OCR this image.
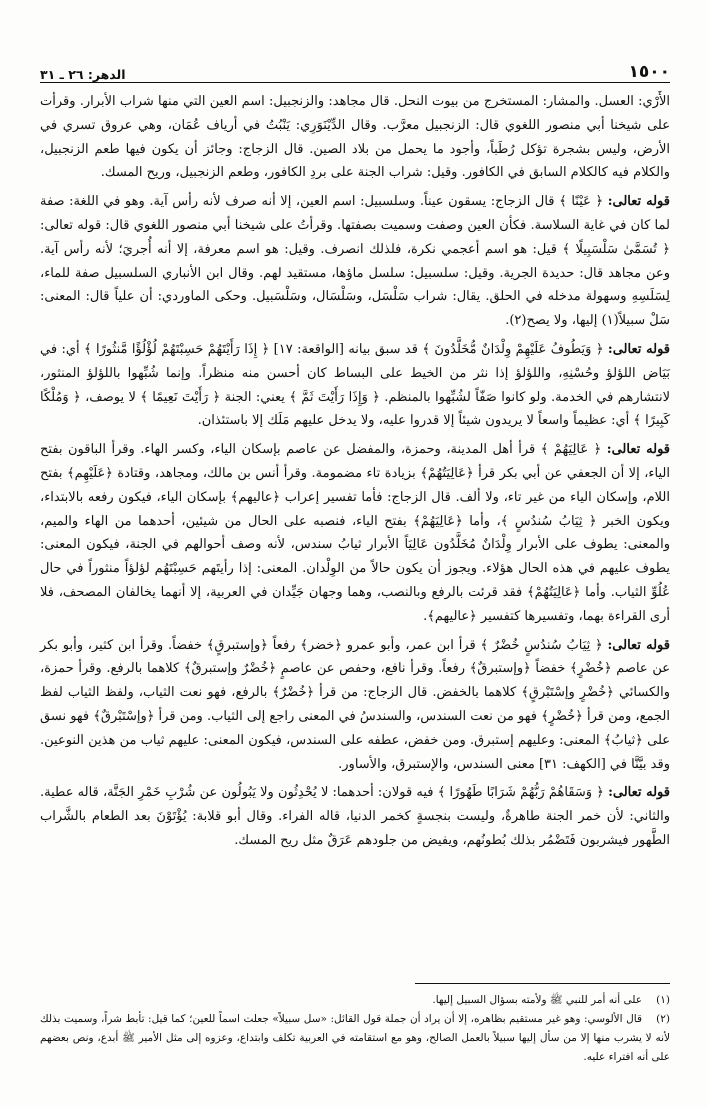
١٥٠٠
الدهر: ٢٦ ـ ٣١

الأَرْي: العسل. والمشار: المستخرج من بيوت النحل. قال مجاهد: والزنجبيل: اسم العين التي منها شراب الأبرار. وقرأت على شيخنا أبي منصور اللغوي قال: الزنجبيل معرَّب. وقال الدِّيْنَوَرِي: يَنْبُتُ في أرياف عُمَان، وهي عروق تسري في الأرض، وليس بشجرة تؤكل رُطَباً، وأجود ما يحمل من بلاد الصين. قال الزجاج: وجائز أن يكون فيها طعم الزنجبيل، والكلام فيه كالكلام السابق في الكافور. وقيل: شراب الجنة على بردِ الكافور، وطعم الزنجبيل، وريح المسك.

قوله تعالى: ﴿ عَيْنًا ﴾ قال الزجاج: يسقون عيناً. وسلسبيل: اسم العين، إلا أنه صرف لأنه رأس آية. وهو في اللغة: صفة لما كان في غاية السلاسة. فكأن العين وصفت وسميت بصفتها. وقرأتُ على شيخنا أبي منصور اللغوي قال: قوله تعالى: ﴿ تُسَمَّىٰ سَلْسَبِيلًا ﴾ قيل: هو اسم أعجمي نكرة، فلذلك انصرف. وقيل: هو اسم معرفة، إلا أنه أُجريَ؛ لأنه رأس آية. وعن مجاهد قال: حديدة الجرية. وقيل: سلسبيل: سلسل ماؤها، مستقيد لهم. وقال ابن الأنباري السلسبيل صفة للماء، لِسَلَسِهِ وسهولة مدخله في الحلق. يقال: شراب سَلْسَل، وسَلْسَال، وسَلْسَبيل. وحكى الماوردي: أن علياً قال: المعنى: سَلْ سبيلاً(١) إليها، ولا يصح(٢).

قوله تعالى: ﴿ وَيَطُوفُ عَلَيْهِمْ وِلْدَانٌ مُّخَلَّدُونَ ﴾ قد سبق بيانه [الواقعة: ١٧] ﴿ إِذَا رَأَيْتَهُمْ حَسِبْتَهُمْ لُؤْلُؤًا مَّنثُورًا ﴾ أي: في بَيَاض اللؤلؤ وحُسْنِهِ، واللؤلؤ إذا نثر من الخيط على البساط كان أحسن منه منظراً. وإنما شُبِّهوا باللؤلؤ المنثور، لانتشارهم في الخدمة. ولو كانوا صَفّاً لشُبِّهوا بالمنظم. ﴿ وَإِذَا رَأَيْتَ ثَمَّ ﴾ يعني: الجنة ﴿ رَأَيْتَ نَعِيمًا ﴾ لا يوصف، ﴿ وَمُلْكًا كَبِيرًا ﴾ أي: عظيماً واسعاً لا يريدون شيئاً إلا قدروا عليه، ولا يدخل عليهم مَلَك إلا باستئذان.

قوله تعالى: ﴿ عَالِيَهُمْ ﴾ قرأ أهل المدينة، وحمزة، والمفضل عن عاصم بإسكان الياء، وكسر الهاء. وقرأ الباقون بفتح الياء، إلا أن الجعفي عن أبي بكر قرأ ﴿عَالِيَتُهُمْ﴾ بزيادة تاء مضمومة. وقرأ أنس بن مالك، ومجاهد، وقتادة ﴿عَلَيْهِم﴾ بفتح اللام، وإسكان الياء من غير تاء، ولا ألف. قال الزجاج: فأما تفسير إعراب ﴿عاليهم﴾ بإسكان الياء، فيكون رفعه بالابتداء، ويكون الخبر ﴿ ثِيَابُ سُندُسٍ ﴾، وأما ﴿عَالِيَهُمْ﴾ بفتح الياء، فنصبه على الحال من شيئين، أحدهما من الهاء والميم، والمعنى: يطوف على الأبرار وِلْدَانٌ مُخَلَّدُون عَالِيَاً الأبرار ثيابُ سندس، لأنه وصف أحوالهم في الجنة، فيكون المعنى: يطوف عليهم في هذه الحال هؤلاء. ويجوز أن يكون حالاً من الوِلْدان. المعنى: إذا رأيتَهم حَسِبْتَهُم لؤلؤاً منثوراً في حال عُلُوِّ الثياب. وأما ﴿عَالِيَتُهُمْ﴾ فقد قرئت بالرفع وبالنصب، وهما وجهان جَيِّدان في العربية، إلا أنهما يخالفان المصحف، فلا أرى القراءة بهما، وتفسيرها كتفسير ﴿عاليهم﴾.

قوله تعالى: ﴿ ثِيَابُ سُندُسٍ خُضْرٌ ﴾ قرأ ابن عمر، وأبو عمرو ﴿خضر﴾ رفعاً ﴿وإستبرقٍ﴾ خفضاً. وقرأ ابن كثير، وأبو بكر عن عاصم ﴿خُضْرٍ﴾ خفضاً ﴿وإستبرقٌ﴾ رفعاً. وقرأ نافع، وحفص عن عاصمٍ ﴿خُضْرٌ وإستبرقٌ﴾ كلاهما بالرفع. وقرأ حمزة، والكسائي ﴿خُضْرٍ وإسْتَبْرقٍ﴾ كلاهما بالخفض. قال الزجاج: من قرأ ﴿خُضْرٌ﴾ بالرفع، فهو نعت الثياب، ولفظ الثياب لفظ الجمع، ومن قرأ ﴿خُضْرٍ﴾ فهو من نعت السندس، والسندسُ في المعنى راجع إلى الثياب. ومن قرأ ﴿وإسْتَبْرقٌ﴾ فهو نسق على ﴿ثيابُ﴾ المعنى: وعليهم إستبرق. ومن خفض، عطفه على السندس، فيكون المعنى: عليهم ثياب من هذين النوعين. وقد بيَّنَّا في [الكهف: ٣١] معنى السندس، والإستبرق، والأساور.

قوله تعالى: ﴿ وَسَقَاهُمْ رَبُّهُمْ شَرَابًا طَهُورًا ﴾ فيه قولان: أحدهما: لا يُحْدِثُون ولا يَبُولُون عن شُرْبِ خَمْرِ الجَنَّة، قاله عطية. والثاني: لأن خمر الجنة طاهرةٌ، وليست بنجسةٍ كخمر الدنيا، قاله الفراء. وقال أبو قلابة: يُؤْتَوْنَ بعد الطعام بالشَّراب الطَّهور فيشربون فَتَضْمُر بذلك بُطونُهم، ويفيض من جلودهم عَرَقٌ مثل ريح المسك.

(١)على أنه أمر للنبي ﷺ ولأمته بسؤال السبيل إليها.

(٢)قال الألوسي: وهو غير مستقيم بظاهره، إلا أن يراد أن جملة قول القائل: «سل سبيلاً» جعلت اسماً للعين؛ كما قيل: تأبط شراً، وسميت بذلك لأنه لا يشرب منها إلا من سأل إليها سبيلاً بالعمل الصالح، وهو مع استقامته في العربية تكلف وابتداع، وعزوه إلى مثل الأمير ﷺ أبدع، ونص بعضهم على أنه افتراء عليه.
